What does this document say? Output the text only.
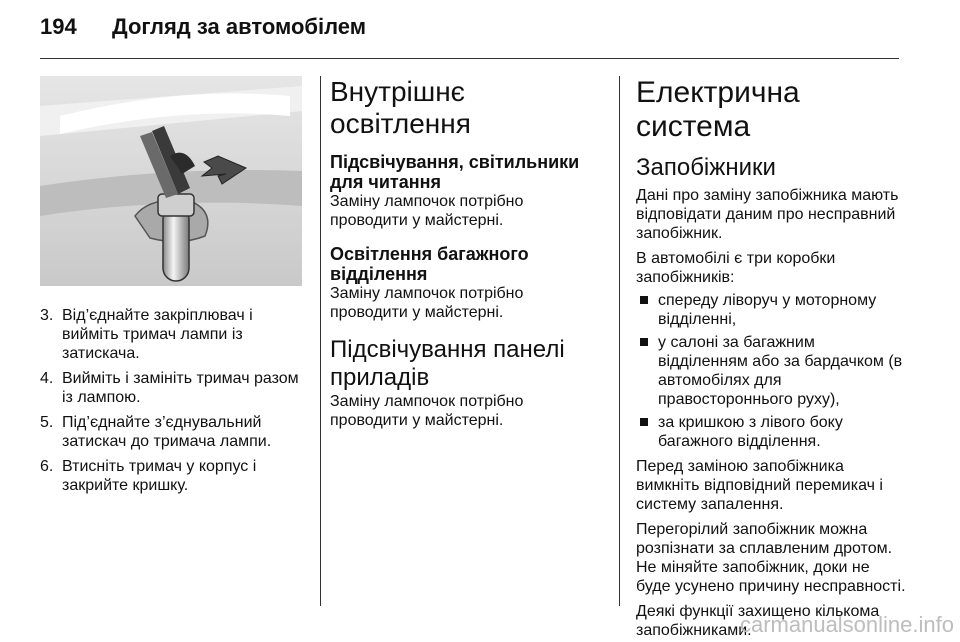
194 Догляд за автомобілем
3. Від’єднайте закріплювач і вийміть тримач лампи із затискача.
4. Вийміть і замініть тримач разом із лампою.
5. Під’єднайте з’єднувальний затискач до тримача лампи.
6. Втисніть тримач у корпус і закрийте кришку.
Внутрішнє освітлення
Підсвічування, світильники для читання

Заміну лампочок потрібно проводити у майстерні.

Освітлення багажного відділення

Заміну лампочок потрібно проводити у майстерні.

Підсвічування панелі приладів

Заміну лампочок потрібно проводити у майстерні.

Електрична система
Запобіжники

Дані про заміну запобіжника мають відповідати даним про несправний запобіжник.

В автомобілі є три коробки запобіжників:

спереду ліворуч у моторному відділенні,
у салоні за багажним відділенням або за бардачком (в автомобілях для правостороннього руху),
за кришкою з лівого боку багажного відділення.

Перед заміною запобіжника вимкніть відповідний перемикач і систему запалення.

Перегорілий запобіжник можна розпізнати за сплавленим дротом. Не міняйте запобіжник, доки не буде усунено причину несправності.

Деякі функції захищено кількома запобіжниками.

carmanualsonline.info
